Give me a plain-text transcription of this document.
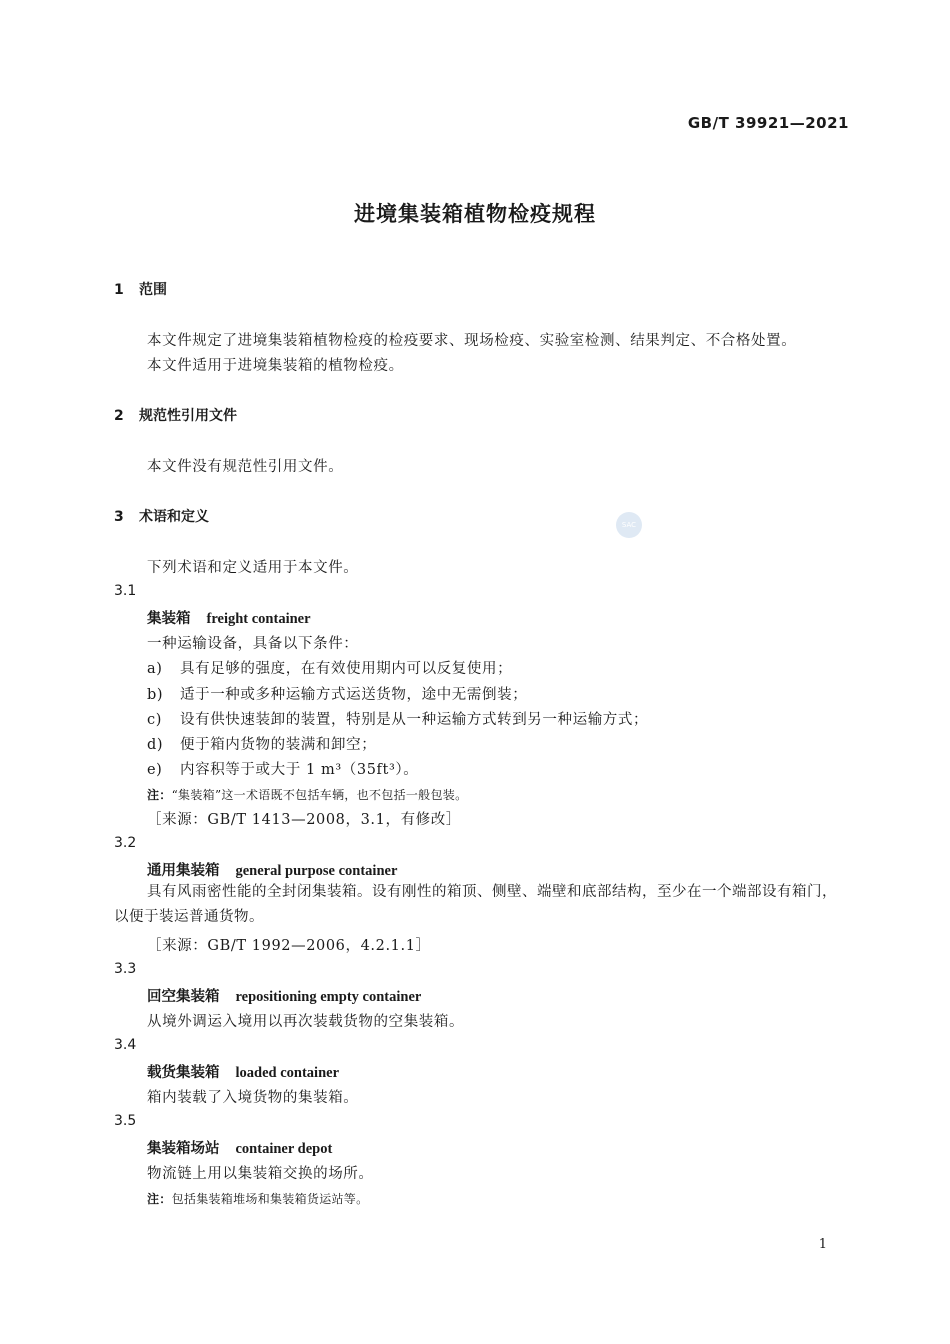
GB/T 39921—2021
进境集装箱植物检疫规程
1 范围
本文件规定了进境集装箱植物检疫的检疫要求、现场检疫、实验室检测、结果判定、不合格处置。
本文件适用于进境集装箱的植物检疫。
2 规范性引用文件
本文件没有规范性引用文件。
3 术语和定义	SAC
下列术语和定义适用于本文件。
3.1
集装箱 freight container
一种运输设备，具备以下条件：
a) 具有足够的强度，在有效使用期内可以反复使用；
b) 适于一种或多种运输方式运送货物，途中无需倒装；
c) 设有供快速装卸的装置，特别是从一种运输方式转到另一种运输方式；
d) 便于箱内货物的装满和卸空；
e) 内容积等于或大于 1 m³（35ft³）。
注：“集装箱”这一术语既不包括车辆，也不包括一般包装。
［来源：GB/T 1413—2008，3.1，有修改］
3.2
通用集装箱 general purpose container
具有风雨密性能的全封闭集装箱。设有刚性的箱顶、侧壁、端壁和底部结构，至少在一个端部设有箱门，以便于装运普通货物。
［来源：GB/T 1992—2006，4.2.1.1］
3.3
回空集装箱 repositioning empty container
从境外调运入境用以再次装载货物的空集装箱。
3.4
载货集装箱 loaded container
箱内装载了入境货物的集装箱。
3.5
集装箱场站 container depot
物流链上用以集装箱交换的场所。
注：包括集装箱堆场和集装箱货运站等。
1
